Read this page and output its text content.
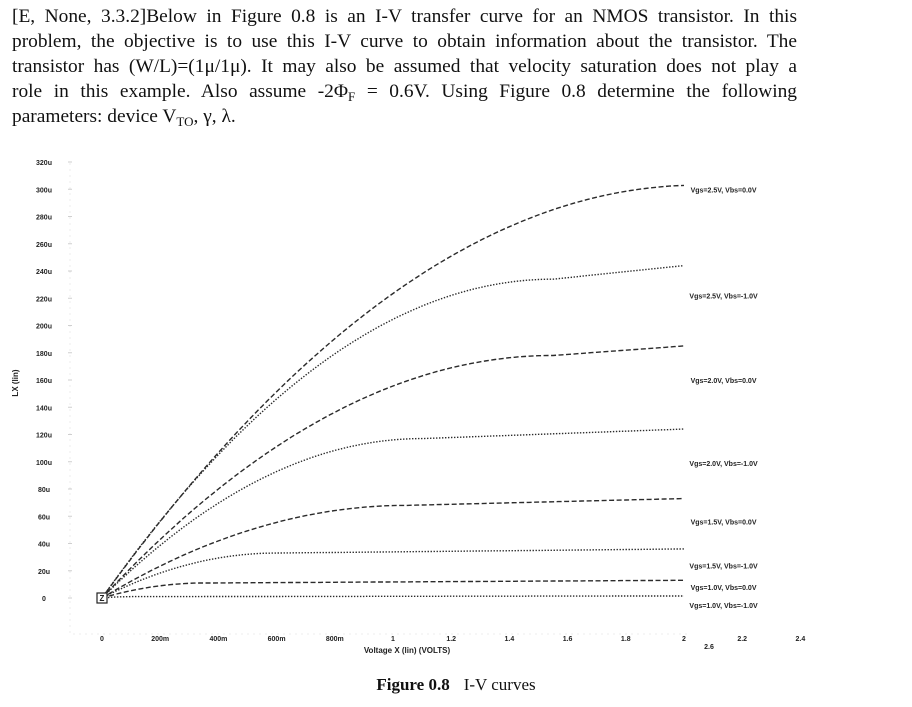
[E, None, 3.3.2]Below in Figure 0.8 is an I-V transfer curve for an NMOS transistor. In this
problem, the objective is to use this I-V curve to obtain information about the transistor. The
transistor has (W/L)=(1μ/1μ). It may also be assumed that velocity saturation does not play a
role in this example. Also assume $-2\Phi_F = 0.6V$. Using Figure 0.8 determine the following
parameters: device $V_{TO}$, γ, λ.
0
20u
40u
60u
80u
100u
120u
140u
160u
180u
200u
220u
240u
260u
280u
300u
320u
0	200m	400m	600m	800m	1	1.2	1.4	1.6	1.8	2	2.2	2.4
2.6
LX (lin)
Voltage X (lin) (VOLTS)
Vgs=2.5V, Vbs=0.0V
Vgs=2.5V, Vbs=-1.0V
Vgs=2.0V, Vbs=0.0V
Vgs=2.0V, Vbs=-1.0V
Vgs=1.5V, Vbs=0.0V
Vgs=1.5V, Vbs=-1.0V
Vgs=1.0V, Vbs=0.0V
Vgs=1.0V, Vbs=-1.0V
Z
Figure 0.8 I-V curves
